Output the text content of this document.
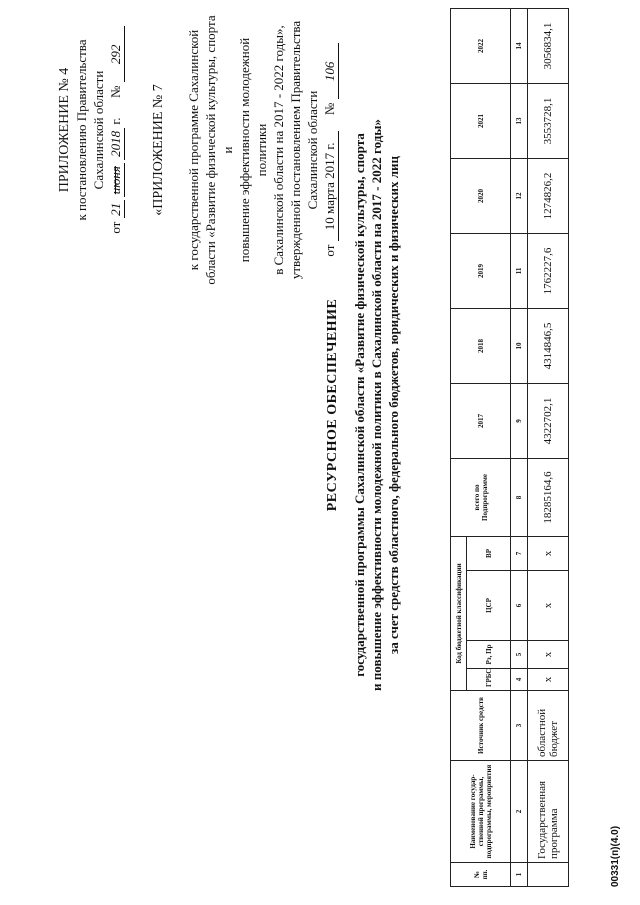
ПРИЛОЖЕНИЕ № 4 к постановлению Правительства Сахалинской области
от 21 июня 2018 г.      № 292
«ПРИЛОЖЕНИЕ № 7 к государственной программе Сахалинской области «Развитие физической культуры, спорта и повышение эффективности молодежной политики в Сахалинской области на 2017 - 2022 годы», утвержденной постановлением Правительства Сахалинской области
от 10 марта 2017 г.     № 106
РЕСУРСНОЕ ОБЕСПЕЧЕНИЕ государственной программы Сахалинской области «Развитие физической культуры, спорта и повышение эффективности молодежной политики в Сахалинской области на 2017 - 2022 годы» за счет средств областного, федерального бюджетов, юридических и физических лиц
№ пп.	Наименование государ-ственной программы, подпрограммы, мероприятия	Источник средств	Код бюджетной классификации				всего по Подпрограмме	2017	2018	2019	2020	2021	2022
			ГРБС	Рз, Пр	ЦСР	ВР							
1	2	3	4	5	6	7	8	9	10	11	12	13	14
	Государственная программа	областной бюджет	х	х	х	х	18285164,6	4322702,1	4314846,5	1762227,6	1274826,2	3553728,1	3056834,1
00331(п)(4.0)
